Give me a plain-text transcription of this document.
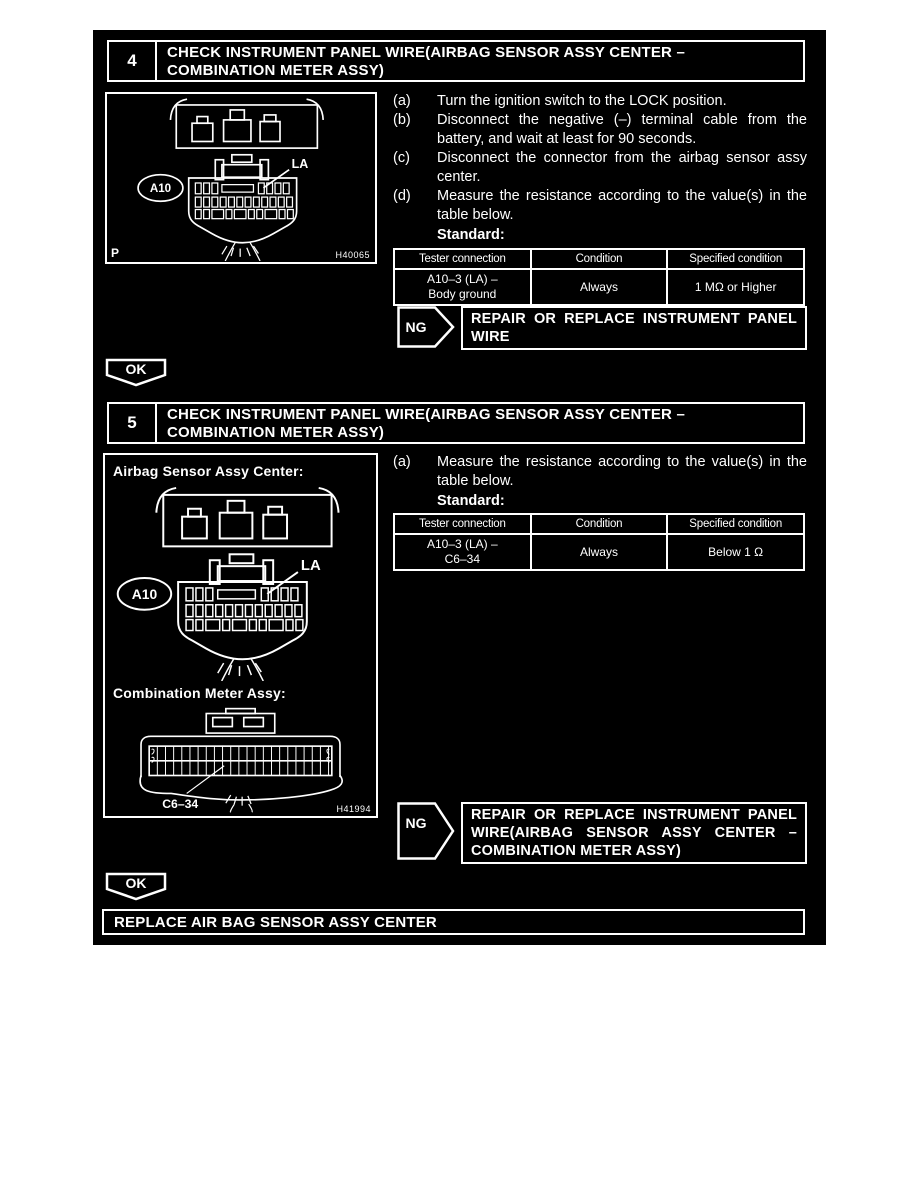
4	CHECK INSTRUMENT PANEL WIRE(AIRBAG SENSOR ASSY CENTER – COMBINATION METER ASSY)
A10
LA
P	H40065
(a)	Turn the ignition switch to the LOCK position.
(b)	Disconnect the negative (–) terminal cable from the battery, and wait at least for 90 seconds.
(c)	Disconnect the connector from the airbag sensor assy center.
(d)	Measure the resistance according to the value(s) in the table below.
Standard:
Tester connection	Condition	Specified condition

A10–3 (LA) –
Body ground	Always	1 MΩ or Higher
NG	REPAIR OR REPLACE INSTRUMENT PANEL WIRE
OK
5	CHECK INSTRUMENT PANEL WIRE(AIRBAG SENSOR ASSY CENTER – COMBINATION METER ASSY)
Airbag Sensor Assy Center:
A10
LA
Combination Meter Assy:
C6–34	H41994
(a)	Measure the resistance according to the value(s) in the table below.
Standard:
Tester connection	Condition	Specified condition

A10–3 (LA) –
C6–34	Always	Below 1 Ω
NG	REPAIR OR REPLACE INSTRUMENT PANEL WIRE(AIRBAG SENSOR ASSY CENTER – COMBINATION METER ASSY)
OK
REPLACE AIR BAG SENSOR ASSY CENTER
